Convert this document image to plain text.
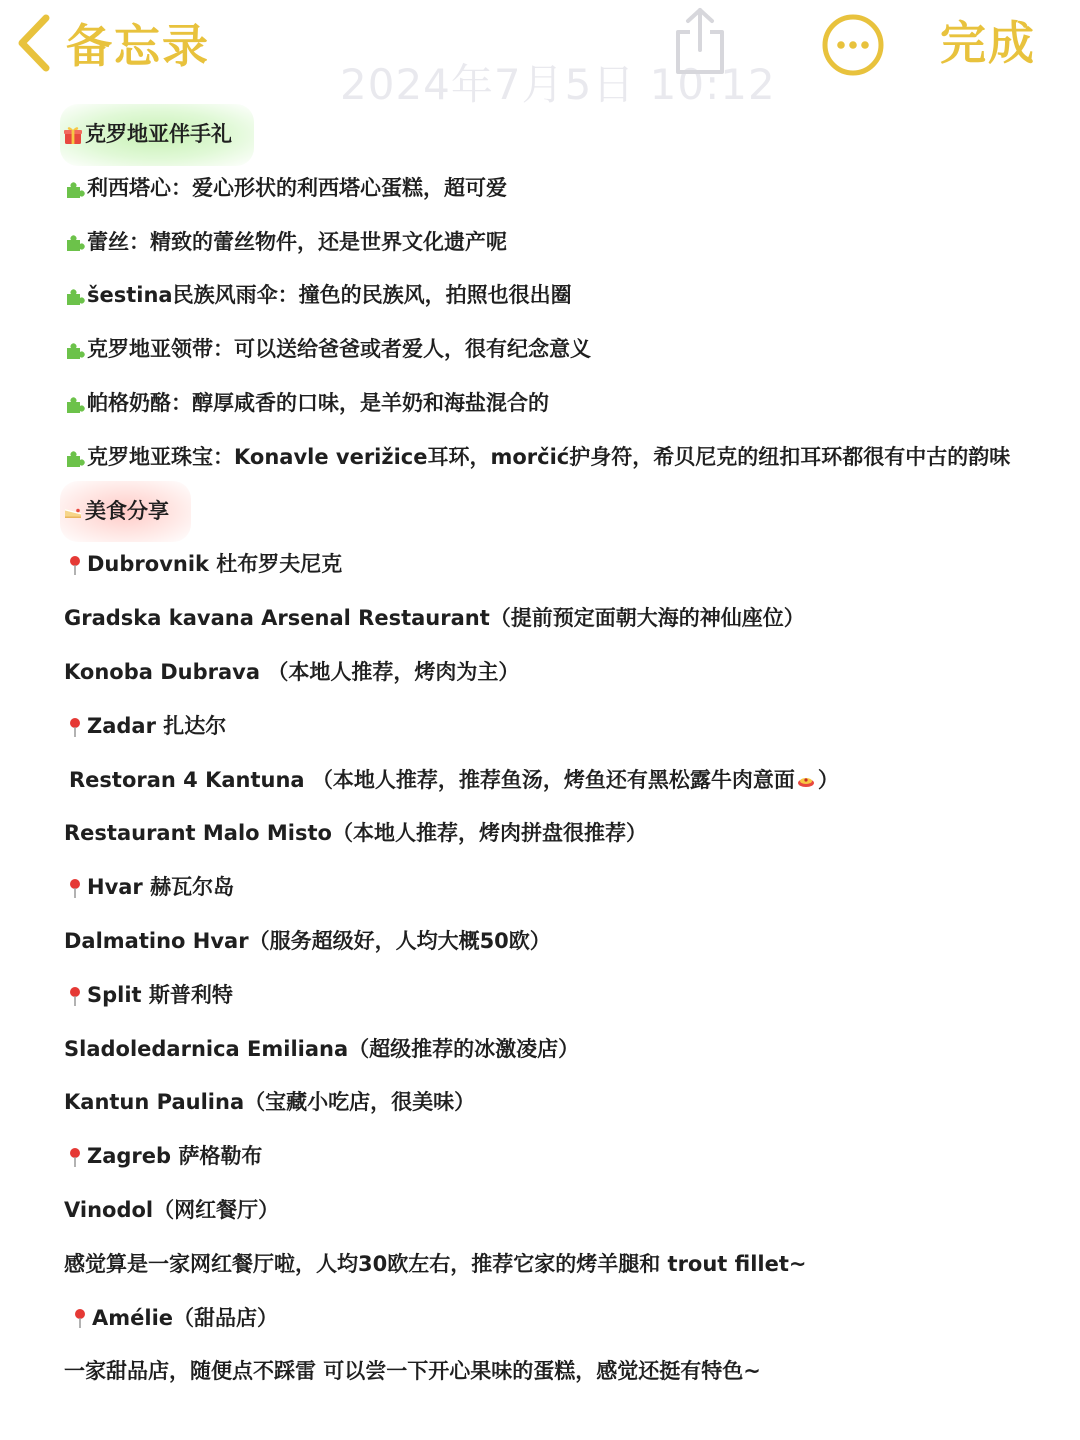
备忘录
2024年7月5日 10:12
完成
克罗地亚伴手礼
利西塔心：爱心形状的利西塔心蛋糕，超可爱
蕾丝：精致的蕾丝物件，还是世界文化遗产呢
šestina民族风雨伞：撞色的民族风，拍照也很出圈
克罗地亚领带：可以送给爸爸或者爱人，很有纪念意义
帕格奶酪：醇厚咸香的口味，是羊奶和海盐混合的
克罗地亚珠宝：Konavle verižice耳环，morčić护身符，希贝尼克的纽扣耳环都很有中古的韵味
美食分享
Dubrovnik 杜布罗夫尼克
Gradska kavana Arsenal Restaurant（提前预定面朝大海的神仙座位）
Konoba Dubrava （本地人推荐，烤肉为主）
Zadar 扎达尔
Restoran 4 Kantuna （本地人推荐，推荐鱼汤，烤鱼还有黑松露牛肉意面 ）
Restaurant Malo Misto（本地人推荐，烤肉拼盘很推荐）
Hvar 赫瓦尔岛
Dalmatino Hvar（服务超级好，人均大概50欧）
Split 斯普利特
Sladoledarnica Emiliana（超级推荐的冰激凌店）
Kantun Paulina（宝藏小吃店，很美味）
Zagreb 萨格勒布
Vinodol（网红餐厅）
感觉算是一家网红餐厅啦，人均30欧左右，推荐它家的烤羊腿和 trout fillet~
Amélie（甜品店）
一家甜品店，随便点不踩雷 可以尝一下开心果味的蛋糕，感觉还挺有特色~
